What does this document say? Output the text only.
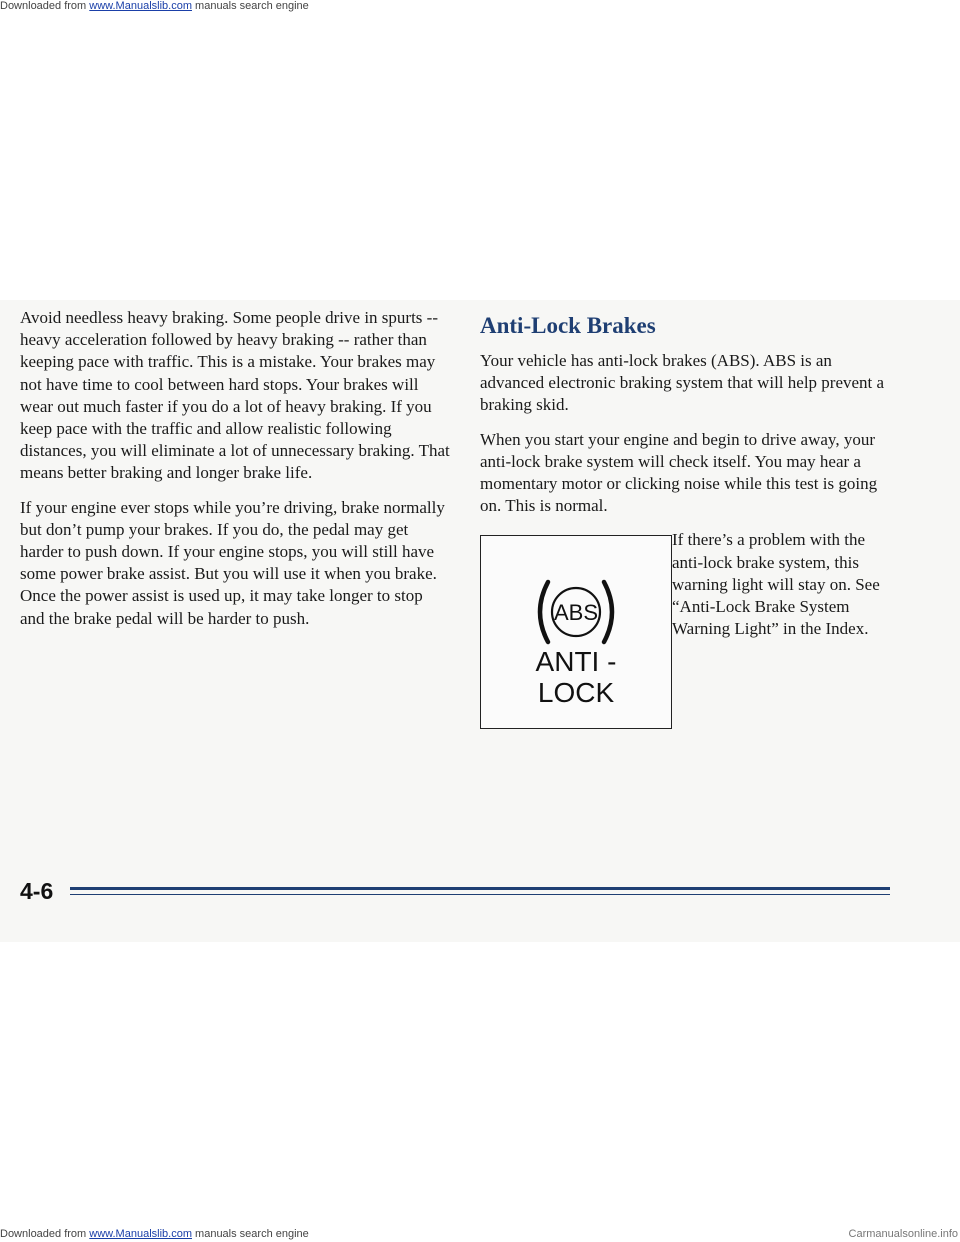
Downloaded from www.Manualslib.com manuals search engine

Avoid needless heavy braking. Some people drive in spurts -- heavy acceleration followed by heavy braking -- rather than keeping pace with traffic. This is a mistake. Your brakes may not have time to cool between hard stops. Your brakes will wear out much faster if you do a lot of heavy braking. If you keep pace with the traffic and allow realistic following distances, you will eliminate a lot of unnecessary braking. That means better braking and longer brake life.

If your engine ever stops while you’re driving, brake normally but don’t pump your brakes. If you do, the pedal may get harder to push down. If your engine stops, you will still have some power brake assist. But you will use it when you brake. Once the power assist is used up, it may take longer to stop and the brake pedal will be harder to push.

Anti-Lock Brakes

Your vehicle has anti-lock brakes (ABS). ABS is an advanced electronic braking system that will help prevent a braking skid.

When you start your engine and begin to drive away, your anti-lock brake system will check itself. You may hear a momentary motor or clicking noise while this test is going on. This is normal.

ABS
ANTI -
LOCK

If there’s a problem with the anti-lock brake system, this warning light will stay on. See “Anti-Lock Brake System Warning Light” in the Index.

4-6
Downloaded from www.Manualslib.com manuals search engine	Carmanualsonline.info
